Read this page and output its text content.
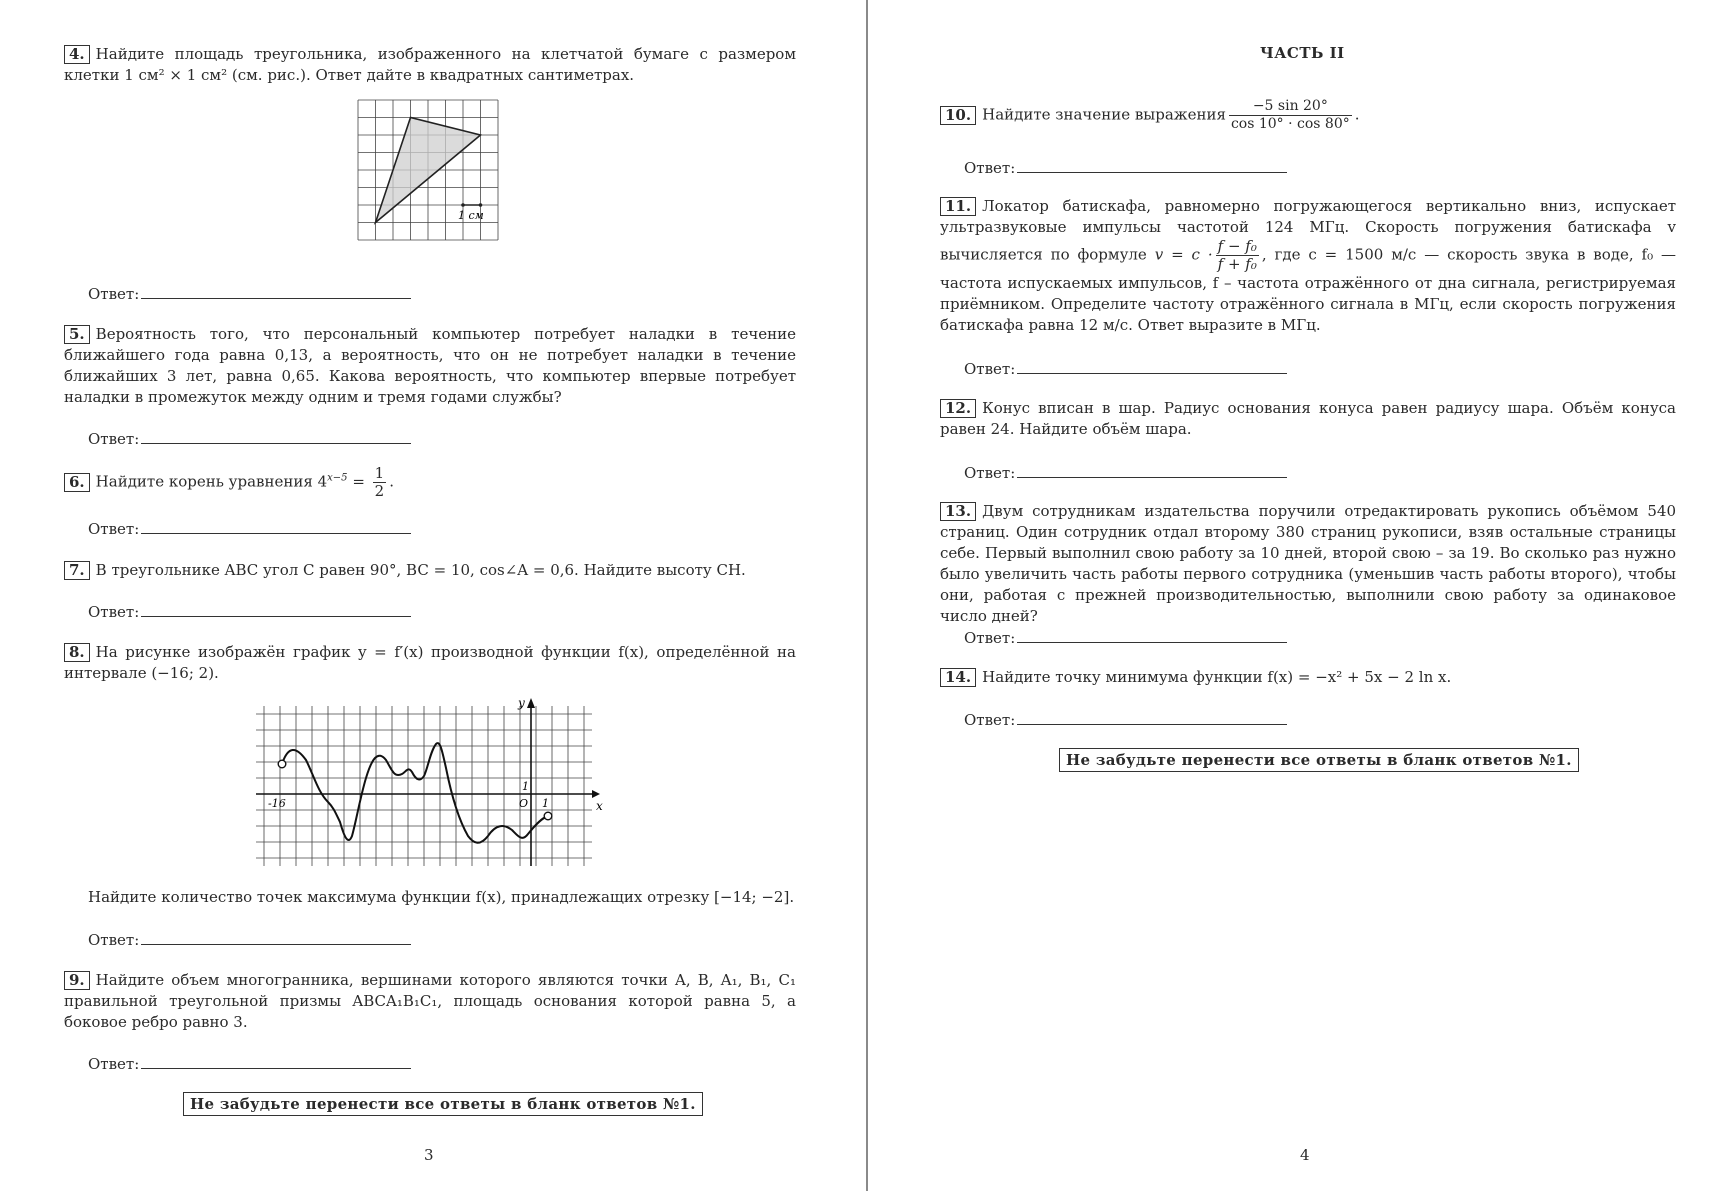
4. Найдите площадь треугольника, изображенного на клетчатой бумаге с размером клетки 1 см² × 1 см² (см. рис.). Ответ дайте в квадратных сантиметрах.
1 см
Ответ:
5. Вероятность того, что персональный компьютер потребует наладки в течение ближайшего года равна 0,13, а вероятность, что он не потребует наладки в течение ближайших 3 лет, равна 0,65. Какова вероятность, что компьютер впервые потребует наладки в промежуток между одним и тремя годами службы?
Ответ:
6. Найдите корень уравнения $4^{x-5} = \frac{1}{2}$ .
Ответ:
7. В треугольнике ABC угол C равен 90°, BC = 10, cos∠A = 0,6. Найдите высоту CH.
Ответ:
8. На рисунке изображён график y = f′(x) производной функции f(x), определённой на интервале (−16; 2).
y
x
O 1
1
-16
Найдите количество точек максимума функции f(x), принадлежащих отрезку [−14; −2].
Ответ:
9. Найдите объем многогранника, вершинами которого являются точки A, B, A₁, B₁, C₁ правильной треугольной призмы ABCA₁B₁C₁, площадь основания которой равна 5, а боковое ребро равно 3.
Ответ:
Не забудьте перенести все ответы в бланк ответов №1.
3
ЧАСТЬ II
10. Найдите значение выражения $\frac{-5 \sin 20^\circ}{\cos 10^\circ \cdot \cos 80^\circ}$ .
Ответ:
11. Локатор батискафа, равномерно погружающегося вертикально вниз, испускает ультразвуковые импульсы частотой 124 МГц. Скорость погружения батискафа v вычисляется по формуле $v = c \cdot \frac{\text{f − f₀}}{\text{f + f₀}}$ , где c = 1500 м/с — скорость звука в воде, f₀ — частота испускаемых импульсов, f – частота отражённого от дна сигнала, регистрируемая приёмником. Определите частоту отражённого сигнала в МГц, если скорость погружения батискафа равна 12 м/с. Ответ выразите в МГц.
Ответ:
12. Конус вписан в шар. Радиус основания конуса равен радиусу шара. Объём конуса равен 24. Найдите объём шара.
Ответ:
13. Двум сотрудникам издательства поручили отредактировать рукопись объёмом 540 страниц. Один сотрудник отдал второму 380 страниц рукописи, взяв остальные страницы себе. Первый выполнил свою работу за 10 дней, второй свою – за 19. Во сколько раз нужно было увеличить часть работы первого сотрудника (уменьшив часть работы второго), чтобы они, работая с прежней производительностью, выполнили свою работу за одинаковое число дней?
Ответ:
14. Найдите точку минимума функции f(x) = −x² + 5x − 2 ln x.
Ответ:
Не забудьте перенести все ответы в бланк ответов №1.
4
